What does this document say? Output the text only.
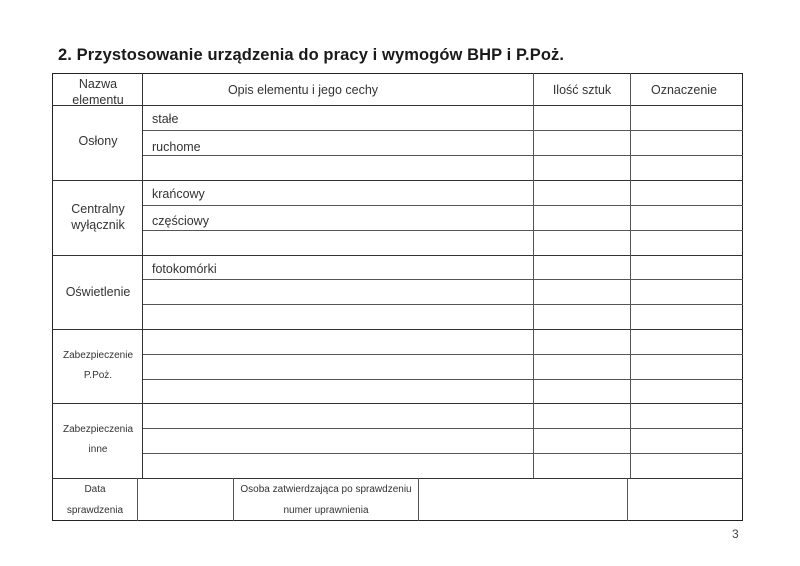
2. Przystosowanie urządzenia do pracy i wymogów BHP i P.Poż.
Nazwa
elementu
Opis elementu i jego cechy	Ilość sztuk	Oznaczenie
Osłony
stałe
ruchome
Centralny
wyłącznik
krańcowy
częściowy
Oświetlenie
fotokomórki
Zabezpieczenie
P.Poż.
Zabezpieczenia
inne
Data
sprawdzenia
Osoba zatwierdzająca po sprawdzeniu
numer uprawnienia
3
